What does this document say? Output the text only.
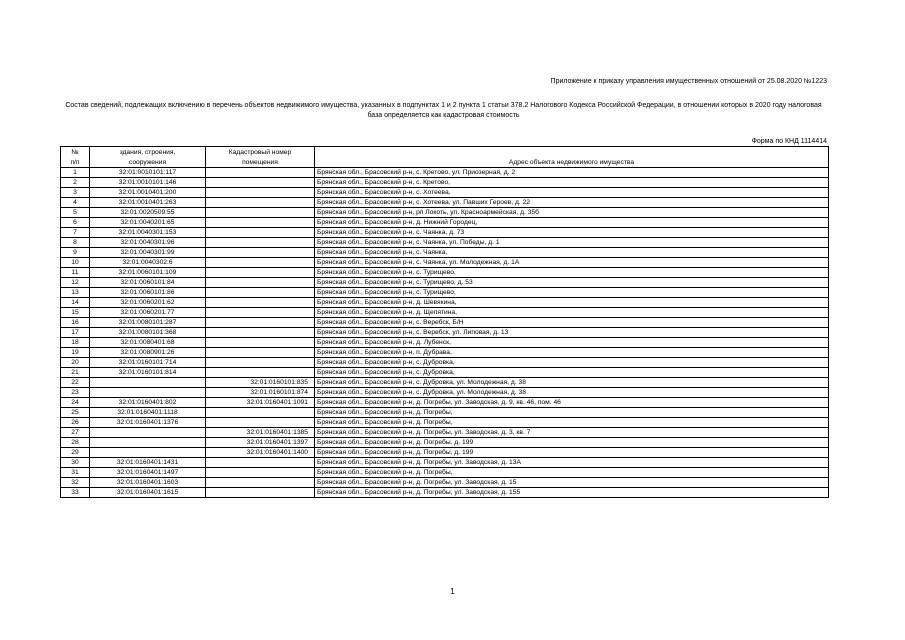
Приложение к приказу управления имущественных отношений от 25.08.2020 №1223
Состав сведений, подлежащих включению в перечень объектов недвижимого имущества, указанных в подпунктах 1 и 2 пункта 1 статьи 378.2 Налогового Кодекса Российской Федерации, в отношении которых в 2020 году налоговая база определяется как кадастровая стоимость
Форма по КНД 1114414
№	здания, строения,	Кадастровый номер	
п/п	сооружения	помещения	Адрес объекта недвижимого имущества
1	32:01:0010101:117		Брянская обл., Брасовский р-н, с. Кретово, ул. Приозерная, д. 2
2	32:01:0010101:146		Брянская обл., Брасовский р-н, с. Кретово,
3	32:01:0010401:200		Брянская обл., Брасовский р-н, с. Хотеева,
4	32:01:0010401:263		Брянская обл., Брасовский р-н, с. Хотеева, ул. Павших Героев, д. 22
5	32:01:0020509:55		Брянская обл., Брасовский р-н, рп Локоть, ул. Красноармейская, д. 35б
6	32:01:0040201:65		Брянская обл., Брасовский р-н, д. Нижний Городец,
7	32:01:0040301:153		Брянская обл., Брасовский р-н, с. Чаянка, д. 73
8	32:01:0040301:96		Брянская обл., Брасовский р-н, с. Чаянка, ул. Победы, д. 1
9	32:01:0040301:99		Брянская обл., Брасовский р-н, с. Чаянка,
10	32:01:0040302:6		Брянская обл., Брасовский р-н, с. Чаянка, ул. Молодежная, д. 1А
11	32:01:0060101:109		Брянская обл., Брасовский р-н, с. Турищево,
12	32:01:0060101:84		Брянская обл., Брасовский р-н, с. Турищево, д. 53
13	32:01:0060101:86		Брянская обл., Брасовский р-н, с. Турищево,
14	32:01:0060201:62		Брянская обл., Брасовский р-н, д. Шевякина,
15	32:01:0060201:77		Брянская обл., Брасовский р-н, д. Щепятина,
16	32:01:0080101:287		Брянская обл., Брасовский р-н, с. Веребск, Б/Н
17	32:01:0080101:368		Брянская обл., Брасовский р-н, с. Веребск, ул. Липовая, д. 13
18	32:01:0080401:68		Брянская обл., Брасовский р-н, д. Лубенск,
19	32:01:0080901:26		Брянская обл., Брасовский р-н, п. Дубрава,
20	32:01:0160101:714		Брянская обл., Брасовский р-н, с. Дубровка,
21	32:01:0160101:814		Брянская обл., Брасовский р-н, с. Дубровка,
22		32:01:0160101:835	Брянская обл., Брасовский р-н, с. Дубровка, ул. Молодежная, д. 38
23		32:01:0160101:874	Брянская обл., Брасовский р-н, с. Дубровка, ул. Молодежная, д. 38
24	32:01:0160401:802	32:01:0160401:1091	Брянская обл., Брасовский р-н, д. Погребы, ул. Заводская, д. 9, кв. 46, пом. 46
25	32:01:0160401:1118		Брянская обл., Брасовский р-н, д. Погребы,
26	32:01:0160401:1376		Брянская обл., Брасовский р-н, д. Погребы,
27		32:01:0160401:1385	Брянская обл., Брасовский р-н, д. Погребы, ул. Заводская, д. 3, кв. 7
28		32:01:0160401:1397	Брянская обл., Брасовский р-н, д. Погребы, д. 199
29		32:01:0160401:1400	Брянская обл., Брасовский р-н, д. Погребы, д. 199
30	32:01:0160401:1431		Брянская обл., Брасовский р-н, д. Погребы, ул. Заводская, д. 13А
31	32:01:0160401:1497		Брянская обл., Брасовский р-н, д. Погребы,
32	32:01:0160401:1603		Брянская обл., Брасовский р-н, д. Погребы, ул. Заводская, д. 15
33	32:01:0160401:1615		Брянская обл., Брасовский р-н, д. Погребы, ул. Заводская, д. 155
1
